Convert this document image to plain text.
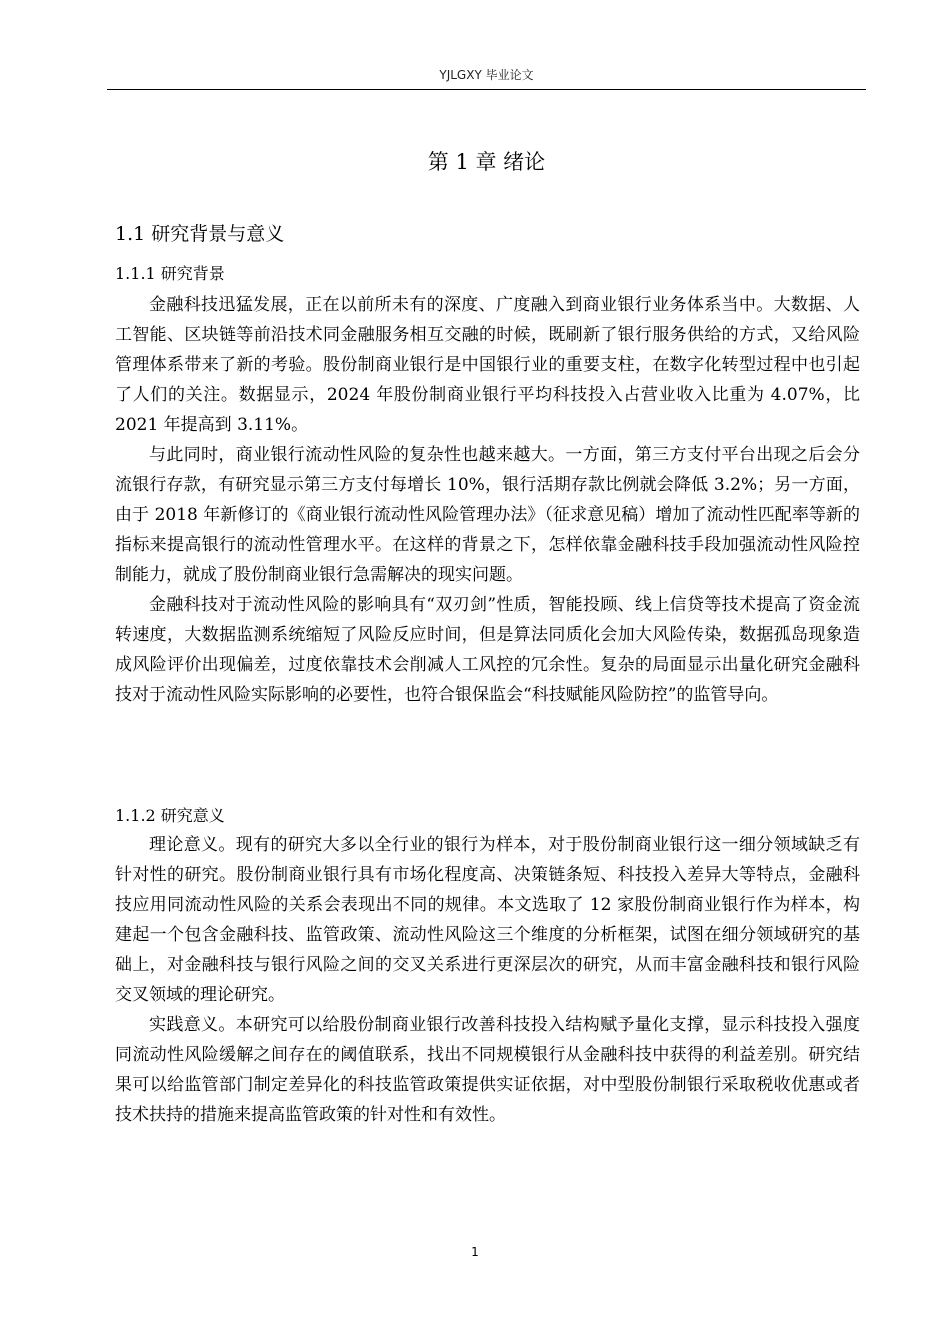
YJLGXY 毕业论文
第 1 章 绪论
1.1 研究背景与意义
1.1.1 研究背景

金融科技迅猛发展，正在以前所未有的深度、广度融入到商业银行业务体系当中。大数据、人工智能、区块链等前沿技术同金融服务相互交融的时候，既刷新了银行服务供给的方式，又给风险管理体系带来了新的考验。股份制商业银行是中国银行业的重要支柱，在数字化转型过程中也引起了人们的关注。数据显示，2024 年股份制商业银行平均科技投入占营业收入比重为 4.07%，比 2021 年提高到 3.11%。

与此同时，商业银行流动性风险的复杂性也越来越大。一方面，第三方支付平台出现之后会分流银行存款，有研究显示第三方支付每增长 10%，银行活期存款比例就会降低 3.2%；另一方面，由于 2018 年新修订的《商业银行流动性风险管理办法》（征求意见稿）增加了流动性匹配率等新的指标来提高银行的流动性管理水平。在这样的背景之下，怎样依靠金融科技手段加强流动性风险控制能力，就成了股份制商业银行急需解决的现实问题。

金融科技对于流动性风险的影响具有“双刃剑”性质，智能投顾、线上信贷等技术提高了资金流转速度，大数据监测系统缩短了风险反应时间，但是算法同质化会加大风险传染，数据孤岛现象造成风险评价出现偏差，过度依靠技术会削减人工风控的冗余性。复杂的局面显示出量化研究金融科技对于流动性风险实际影响的必要性，也符合银保监会“科技赋能风险防控”的监管导向。

1.1.2 研究意义

理论意义。现有的研究大多以全行业的银行为样本，对于股份制商业银行这一细分领域缺乏有针对性的研究。股份制商业银行具有市场化程度高、决策链条短、科技投入差异大等特点，金融科技应用同流动性风险的关系会表现出不同的规律。本文选取了 12 家股份制商业银行作为样本，构建起一个包含金融科技、监管政策、流动性风险这三个维度的分析框架，试图在细分领域研究的基础上，对金融科技与银行风险之间的交叉关系进行更深层次的研究，从而丰富金融科技和银行风险交叉领域的理论研究。

实践意义。本研究可以给股份制商业银行改善科技投入结构赋予量化支撑，显示科技投入强度同流动性风险缓解之间存在的阈值联系，找出不同规模银行从金融科技中获得的利益差别。研究结果可以给监管部门制定差异化的科技监管政策提供实证依据，对中型股份制银行采取税收优惠或者技术扶持的措施来提高监管政策的针对性和有效性。

1
